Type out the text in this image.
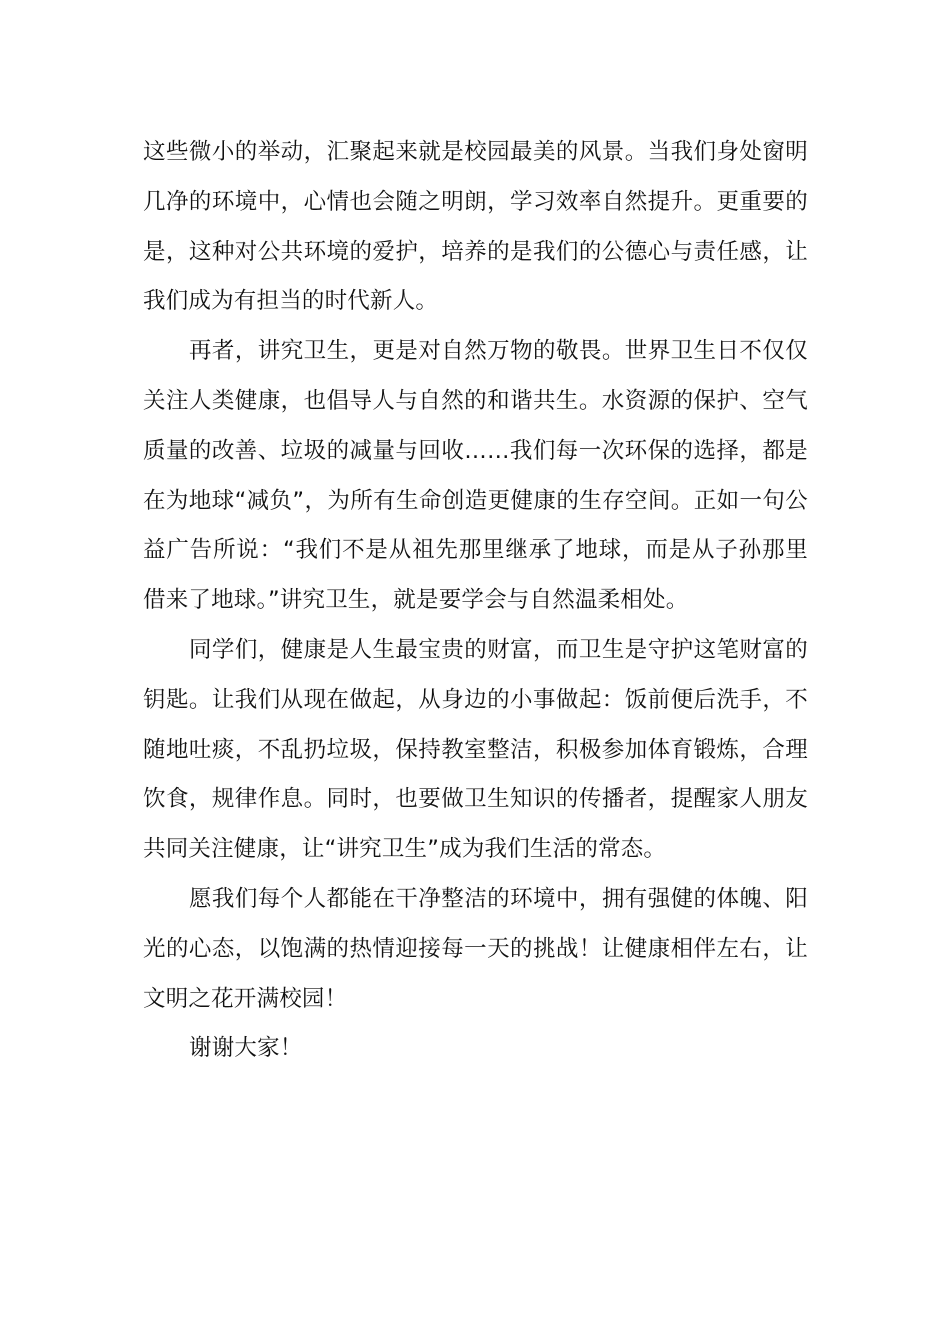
这些微小的举动，汇聚起来就是校园最美的风景。当我们身处窗明几净的环境中，心情也会随之明朗，学习效率自然提升。更重要的是，这种对公共环境的爱护，培养的是我们的公德心与责任感，让我们成为有担当的时代新人。

再者，讲究卫生，更是对自然万物的敬畏。世界卫生日不仅仅关注人类健康，也倡导人与自然的和谐共生。水资源的保护、空气质量的改善、垃圾的减量与回收……我们每一次环保的选择，都是在为地球“减负”，为所有生命创造更健康的生存空间。正如一句公益广告所说：“我们不是从祖先那里继承了地球，而是从子孙那里借来了地球。”讲究卫生，就是要学会与自然温柔相处。

同学们，健康是人生最宝贵的财富，而卫生是守护这笔财富的钥匙。让我们从现在做起，从身边的小事做起：饭前便后洗手，不随地吐痰，不乱扔垃圾，保持教室整洁，积极参加体育锻炼，合理饮食，规律作息。同时，也要做卫生知识的传播者，提醒家人朋友共同关注健康，让“讲究卫生”成为我们生活的常态。

愿我们每个人都能在干净整洁的环境中，拥有强健的体魄、阳光的心态，以饱满的热情迎接每一天的挑战！让健康相伴左右，让文明之花开满校园！

谢谢大家！
